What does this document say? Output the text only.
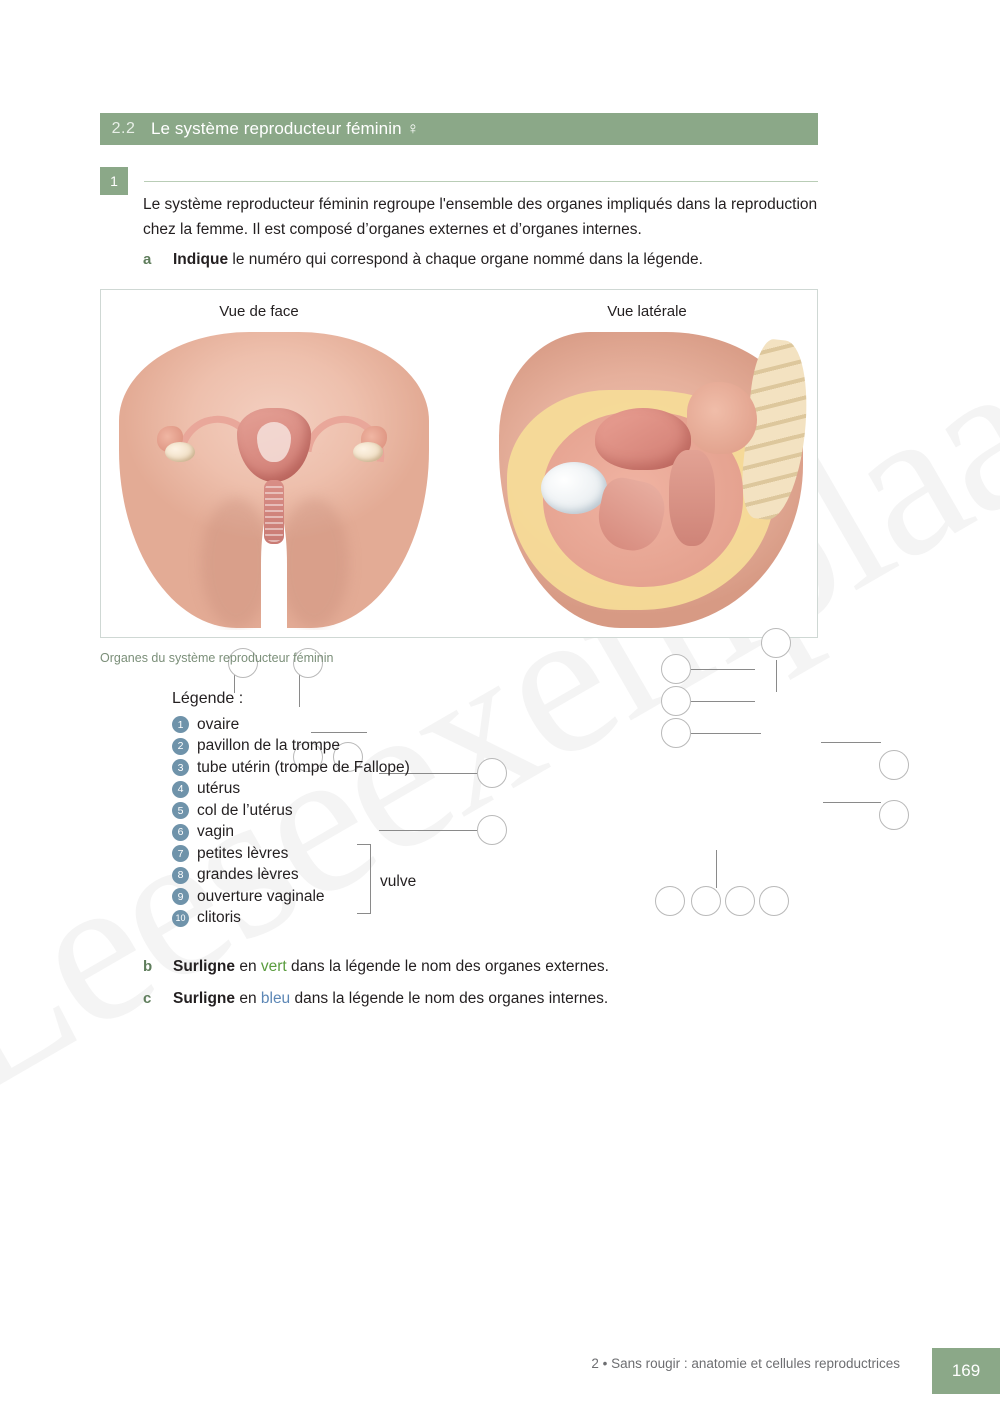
2.2 Le système reproducteur féminin ♀
1
Le système reproducteur féminin regroupe l'ensemble des organes impliqués dans la reproduction chez la femme. Il est composé d’organes externes et d’organes internes.
a	Indique le numéro qui correspond à chaque organe nommé dans la légende.
Vue de face	Vue latérale
Organes du système reproducteur féminin
Légende :
1 ovaire
2 pavillon de la trompe
3 tube utérin (trompe de Fallope)
4 utérus
5 col de l’utérus
6 vagin
7 petites lèvres
8 grandes lèvres
9 ouverture vaginale
10 clitoris
vulve
b	Surligne en vert dans la légende le nom des organes externes.
c	Surligne en bleu dans la légende le nom des organes internes.
2 • Sans rougir : anatomie et cellules reproductrices	169
